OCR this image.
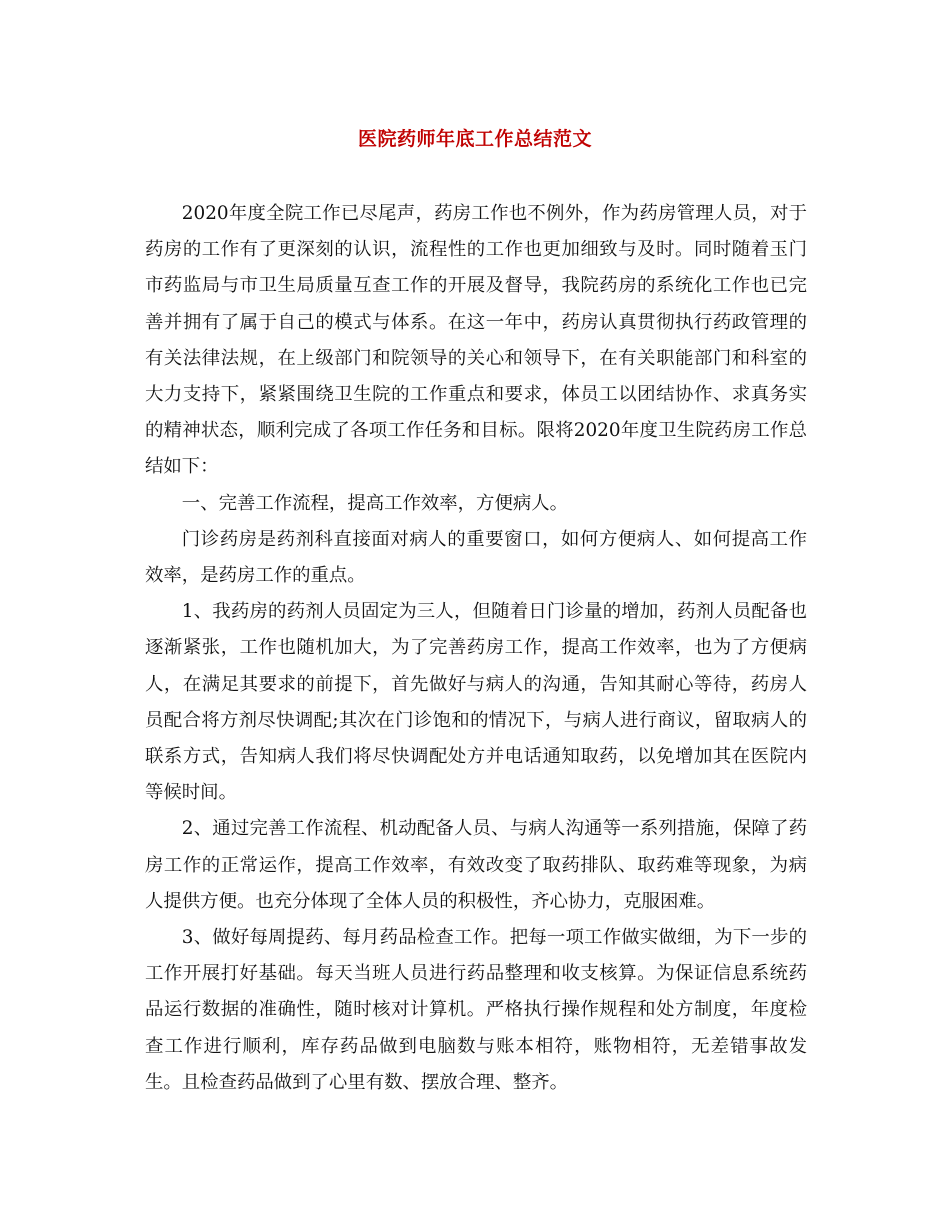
医院药师年底工作总结范文

2020年度全院工作已尽尾声，药房工作也不例外，作为药房管理人员，对于药房的工作有了更深刻的认识，流程性的工作也更加细致与及时。同时随着玉门市药监局与市卫生局质量互查工作的开展及督导，我院药房的系统化工作也已完善并拥有了属于自己的模式与体系。在这一年中，药房认真贯彻执行药政管理的有关法律法规，在上级部门和院领导的关心和领导下，在有关职能部门和科室的大力支持下，紧紧围绕卫生院的工作重点和要求，体员工以团结协作、求真务实的精神状态，顺利完成了各项工作任务和目标。限将2020年度卫生院药房工作总结如下：

一、完善工作流程，提高工作效率，方便病人。

门诊药房是药剂科直接面对病人的重要窗口，如何方便病人、如何提高工作效率，是药房工作的重点。

1、我药房的药剂人员固定为三人，但随着日门诊量的增加，药剂人员配备也逐渐紧张，工作也随机加大，为了完善药房工作，提高工作效率，也为了方便病人，在满足其要求的前提下，首先做好与病人的沟通，告知其耐心等待，药房人员配合将方剂尽快调配;其次在门诊饱和的情况下，与病人进行商议，留取病人的联系方式，告知病人我们将尽快调配处方并电话通知取药，以免增加其在医院内等候时间。

2、通过完善工作流程、机动配备人员、与病人沟通等一系列措施，保障了药房工作的正常运作，提高工作效率，有效改变了取药排队、取药难等现象，为病人提供方便。也充分体现了全体人员的积极性，齐心协力，克服困难。

3、做好每周提药、每月药品检查工作。把每一项工作做实做细，为下一步的工作开展打好基础。每天当班人员进行药品整理和收支核算。为保证信息系统药品运行数据的准确性，随时核对计算机。严格执行操作规程和处方制度，年度检查工作进行顺利，库存药品做到电脑数与账本相符，账物相符，无差错事故发生。且检查药品做到了心里有数、摆放合理、整齐。
